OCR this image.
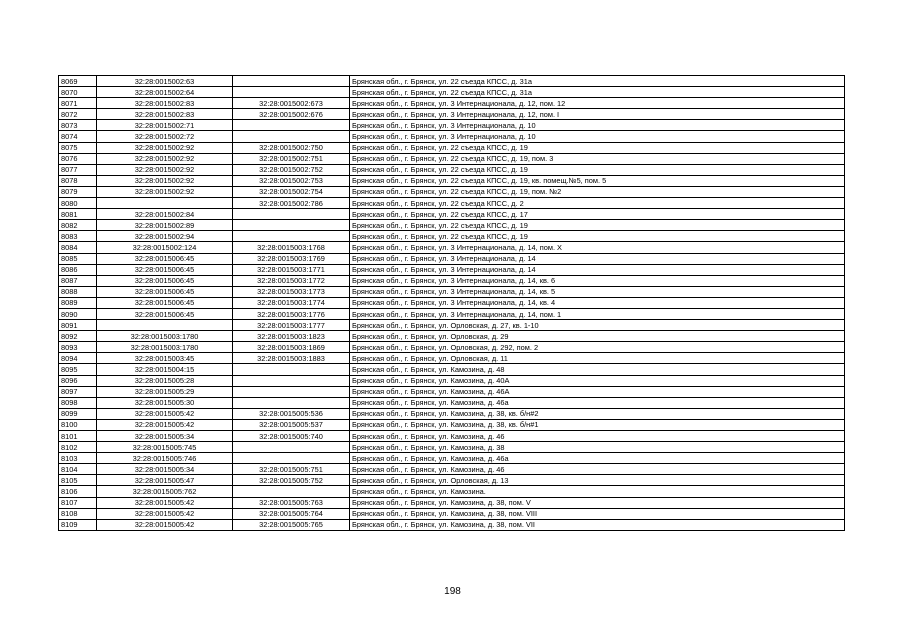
8069	32:28:0015002:63		Брянская обл., г. Брянск, ул. 22 съезда КПСС, д. 31а
8070	32:28:0015002:64		Брянская обл., г. Брянск, ул. 22 съезда КПСС, д. 31а
8071	32:28:0015002:83	32:28:0015002:673	Брянская обл., г. Брянск, ул. 3 Интернационала, д. 12, пом. 12
8072	32:28:0015002:83	32:28:0015002:676	Брянская обл., г. Брянск, ул. 3 Интернационала, д. 12, пом. I
8073	32:28:0015002:71		Брянская обл., г. Брянск, ул. 3 Интернационала, д. 10
8074	32:28:0015002:72		Брянская обл., г. Брянск, ул. 3 Интернационала, д. 10
8075	32:28:0015002:92	32:28:0015002:750	Брянская обл., г. Брянск, ул. 22 съезда КПСС, д. 19
8076	32:28:0015002:92	32:28:0015002:751	Брянская обл., г. Брянск, ул. 22 съезда КПСС, д. 19, пом. 3
8077	32:28:0015002:92	32:28:0015002:752	Брянская обл., г. Брянск, ул. 22 съезда КПСС, д. 19
8078	32:28:0015002:92	32:28:0015002:753	Брянская обл., г. Брянск, ул. 22 съезда КПСС, д. 19, кв. помещ.№5, пом. 5
8079	32:28:0015002:92	32:28:0015002:754	Брянская обл., г. Брянск, ул. 22 съезда КПСС, д. 19, пом. №2
8080		32:28:0015002:786	Брянская обл., г. Брянск, ул. 22 съезда КПСС, д. 2
8081	32:28:0015002:84		Брянская обл., г. Брянск, ул. 22 съезда КПСС, д. 17
8082	32:28:0015002:89		Брянская обл., г. Брянск, ул. 22 съезда КПСС, д. 19
8083	32:28:0015002:94		Брянская обл., г. Брянск, ул. 22 съезда КПСС, д. 19
8084	32:28:0015002:124	32:28:0015003:1768	Брянская обл., г. Брянск, ул. 3 Интернационала, д. 14, пом. X
8085	32:28:0015006:45	32:28:0015003:1769	Брянская обл., г. Брянск, ул. 3 Интернационала, д. 14
8086	32:28:0015006:45	32:28:0015003:1771	Брянская обл., г. Брянск, ул. 3 Интернационала, д. 14
8087	32:28:0015006:45	32:28:0015003:1772	Брянская обл., г. Брянск, ул. 3 Интернационала, д. 14, кв. 6
8088	32:28:0015006:45	32:28:0015003:1773	Брянская обл., г. Брянск, ул. 3 Интернационала, д. 14, кв. 5
8089	32:28:0015006:45	32:28:0015003:1774	Брянская обл., г. Брянск, ул. 3 Интернационала, д. 14, кв. 4
8090	32:28:0015006:45	32:28:0015003:1776	Брянская обл., г. Брянск, ул. 3 Интернационала, д. 14, пом. 1
8091		32:28:0015003:1777	Брянская обл., г. Брянск, ул. Орловская, д. 27, кв. 1-10
8092	32:28:0015003:1780	32:28:0015003:1823	Брянская обл., г. Брянск, ул. Орловская, д. 29
8093	32:28:0015003:1780	32:28:0015003:1869	Брянская обл., г. Брянск, ул. Орловская, д. 292, пом. 2
8094	32:28:0015003:45	32:28:0015003:1883	Брянская обл., г. Брянск, ул. Орловская, д. 11
8095	32:28:0015004:15		Брянская обл., г. Брянск, ул. Камозина, д. 48
8096	32:28:0015005:28		Брянская обл., г. Брянск, ул. Камозина, д. 40А
8097	32:28:0015005:29		Брянская обл., г. Брянск, ул. Камозина, д. 46А
8098	32:28:0015005:30		Брянская обл., г. Брянск, ул. Камозина, д. 46а
8099	32:28:0015005:42	32:28:0015005:536	Брянская обл., г. Брянск, ул. Камозина, д. 38, кв. б/н#2
8100	32:28:0015005:42	32:28:0015005:537	Брянская обл., г. Брянск, ул. Камозина, д. 38, кв. б/н#1
8101	32:28:0015005:34	32:28:0015005:740	Брянская обл., г. Брянск, ул. Камозина, д. 46
8102	32:28:0015005:745		Брянская обл., г. Брянск, ул. Камозина, д. 38
8103	32:28:0015005:746		Брянская обл., г. Брянск, ул. Камозина, д. 46а
8104	32:28:0015005:34	32:28:0015005:751	Брянская обл., г. Брянск, ул. Камозина, д. 46
8105	32:28:0015005:47	32:28:0015005:752	Брянская обл., г. Брянск, ул. Орловская, д. 13
8106	32:28:0015005:762		Брянская обл., г. Брянск, ул. Камозина.
8107	32:28:0015005:42	32:28:0015005:763	Брянская обл., г. Брянск, ул. Камозина, д. 38, пом. V
8108	32:28:0015005:42	32:28:0015005:764	Брянская обл., г. Брянск, ул. Камозина, д. 38, пом. VIII
8109	32:28:0015005:42	32:28:0015005:765	Брянская обл., г. Брянск, ул. Камозина, д. 38, пом. VII
198
